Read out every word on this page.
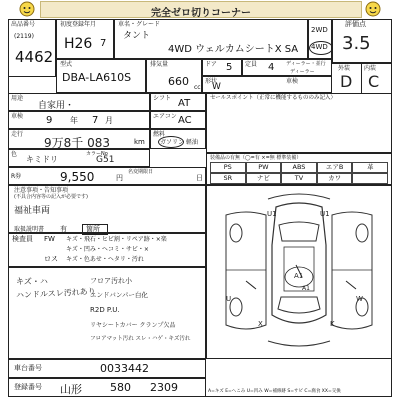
完全ゼロ切りコーナー
出品番号
(2119)
4462
初度登録年月
H26 7
車名・グレード
タント
4WD ウェルカムシートX SA
2WD
4WD
評価点
3.5
外装 内装
D C
型式
DBA-LA610S
排気量
660 cc
ドア 5 定員 4 ディーラー・並行
ディーラー
形状
W
車検
用途
自家用・
シフト AT
車検 9 年 7 月	エアコン AC
走行
9万8千 083	km
燃料
ガソリン 軽油
色
キミドリ
カラーNo
G51
R券	9,550	円
名変期限日
日
注意事項・告知事項
(不具合内容等の記入が必要です)
福祉車両
取扱説明書 有	箇所
セールスポイント（正常に機能するもののみ記入）
装備品の有無（◯=有 ×=無 標準装備）
PS	PW	ABS	エアB	革
SR	ナビ	TV	カワ
検査員 FW キズ・飛石・ヒビ割・リペア跡・×楽
キズ・凹み・ヘコミ・サビ・×
ロス キズ・色あせ・ヘタリ・汚れ
キズ・ハ
ハンドルスレ汚れあり
フロア汚れ小
エンドバンパー白化
R2D P.U.
リヤシートカバー クランプ欠品
フロアマット汚れ スレ・ハゲ・キズ汚れ
U1	U1
A1
A1
U	W
X	K
車台番号	0033442
登録番号 山形	580 2309	A=キズ E=へこみ U=凹み W=補修跡 S=サビ C=腐食 XX=交換
